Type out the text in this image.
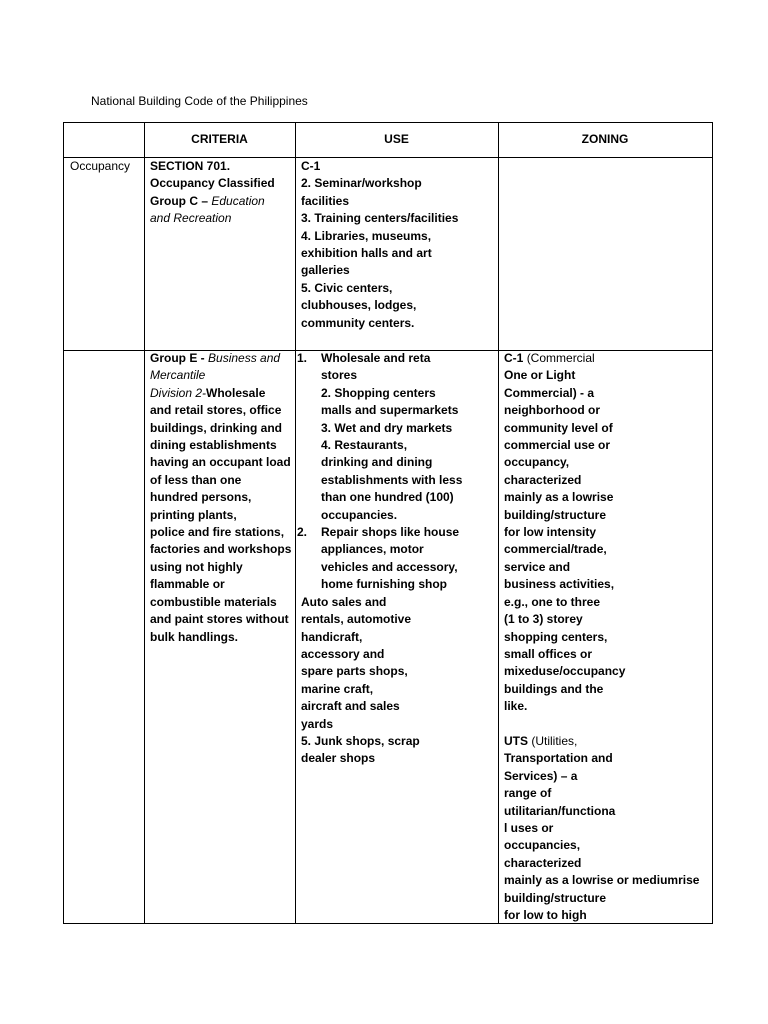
National Building Code of the Philippines
CRITERIA	USE	ZONING
Occupancy SECTION 701.
Occupancy Classified
Group C – Education
and Recreation
C-1
2. Seminar/workshop
facilities
3. Training centers/facilities
4. Libraries, museums,
exhibition halls and art
galleries
5. Civic centers,
clubhouses, lodges,
community centers.
Group E - Business and
Mercantile
Division 2-Wholesale
and retail stores, office
buildings, drinking and
dining establishments
having an occupant load
of less than one
hundred persons,
printing plants,
police and fire stations,
factories and workshops
using not highly
flammable or
combustible materials
and paint stores without
bulk handlings.
1. Wholesale and reta
stores
2. Shopping centers
malls and supermarkets
3. Wet and dry markets
4. Restaurants,
drinking and dining
establishments with less
than one hundred (100)
occupancies.
2. Repair shops like house
appliances, motor
vehicles and accessory,
home furnishing shop
Auto sales and
rentals, automotive
handicraft,
accessory and
spare parts shops,
marine craft,
aircraft and sales
yards
5. Junk shops, scrap
dealer shops
C-1 (Commercial
One or Light
Commercial) - a
neighborhood or
community level of
commercial use or
occupancy,
characterized
mainly as a lowrise
building/structure
for low intensity
commercial/trade,
service and
business activities,
e.g., one to three
(1 to 3) storey
shopping centers,
small offices or
mixeduse/occupancy
buildings and the
like.
UTS (Utilities,
Transportation and
Services) – a
range of
utilitarian/functiona
l uses or
occupancies,
characterized
mainly as a lowrise or mediumrise
building/structure
for low to high
